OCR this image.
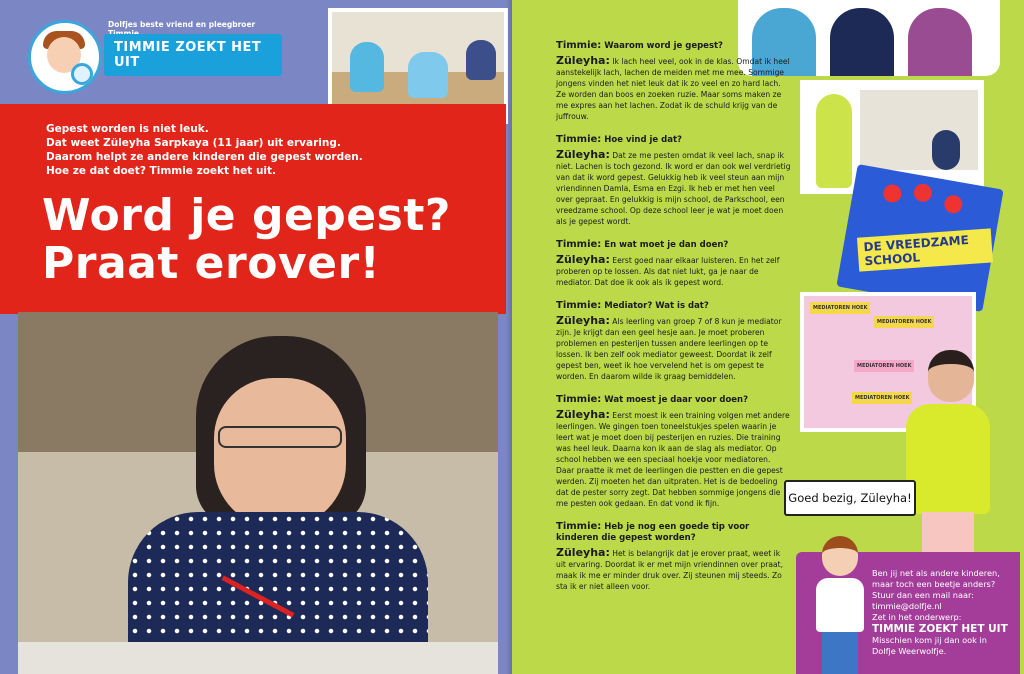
Dolfjes beste vriend en pleegbroer
TIMMIE ZOEKT HET UIT
Gepest worden is niet leuk.
Dat weet Züleyha Sarpkaya (11 jaar) uit ervaring.
Daarom helpt ze andere kinderen die gepest worden.
Hoe ze dat doet? Timmie zoekt het uit.
Word je gepest?
Praat erover!
Timmie: Waarom word je gepest?
Züleyha: Ik lach heel veel, ook in de klas. Omdat ik heel aanstekelijk lach, lachen de meiden met me mee. Sommige jongens vinden het niet leuk dat ik zo veel en zo hard lach. Ze worden dan boos en zoeken ruzie. Maar soms maken ze me expres aan het lachen. Zodat ik de schuld krijg van de juffrouw.
Timmie: Hoe vind je dat?
Züleyha: Dat ze me pesten omdat ik veel lach, snap ik niet. Lachen is toch gezond. Ik word er dan ook wel verdrietig van dat ik word gepest. Gelukkig heb ik veel steun aan mijn vriendinnen Damla, Esma en Ezgi. Ik heb er met hen veel over gepraat. En gelukkig is mijn school, de Parkschool, een vreedzame school. Op deze school leer je wat je moet doen als je gepest wordt.
Timmie: En wat moet je dan doen?
Züleyha: Eerst goed naar elkaar luisteren. En het zelf proberen op te lossen. Als dat niet lukt, ga je naar de mediator. Dat doe ik ook als ik gepest word.
Timmie: Mediator? Wat is dat?
Züleyha: Als leerling van groep 7 of 8 kun je mediator zijn. Je krijgt dan een geel hesje aan. Je moet proberen problemen en pesterijen tussen andere leerlingen op te lossen. Ik ben zelf ook mediator geweest. Doordat ik zelf gepest ben, weet ik hoe vervelend het is om gepest te worden. En daarom wilde ik graag bemiddelen.
Timmie: Wat moest je daar voor doen?
Züleyha: Eerst moest ik een training volgen met andere leerlingen. We gingen toen toneelstukjes spelen waarin je leert wat je moet doen bij pesterijen en ruzies. Die training was heel leuk. Daarna kon ik aan de slag als mediator. Op school hebben we een speciaal hoekje voor mediatoren. Daar praatte ik met de leerlingen die pestten en die gepest werden. Zij moeten het dan uitpraten. Het is de bedoeling dat de pester sorry zegt. Dat hebben sommige jongens die me pesten ook gedaan. En dat vond ik fijn.
Timmie: Heb je nog een goede tip voor kinderen die gepest worden?
Züleyha: Het is belangrijk dat je erover praat, weet ik uit ervaring. Doordat ik er met mijn vriendinnen over praat, maak ik me er minder druk over. Zij steunen mij steeds. Zo sta ik er niet alleen voor.
DE VREEDZAME SCHOOL
MEDIATOREN HOEK
MEDIATOREN HOEK
MEDIATOREN HOEK
MEDIATOREN HOEK
Goed bezig, Züleyha!
Ben jij net als andere kinderen,
maar toch een beetje anders?
Stuur dan een mail naar:
timmie@dolfje.nl
Zet in het onderwerp:
TIMMIE ZOEKT HET UIT
Misschien kom jij dan ook in
Dolfje Weerwolfje.
